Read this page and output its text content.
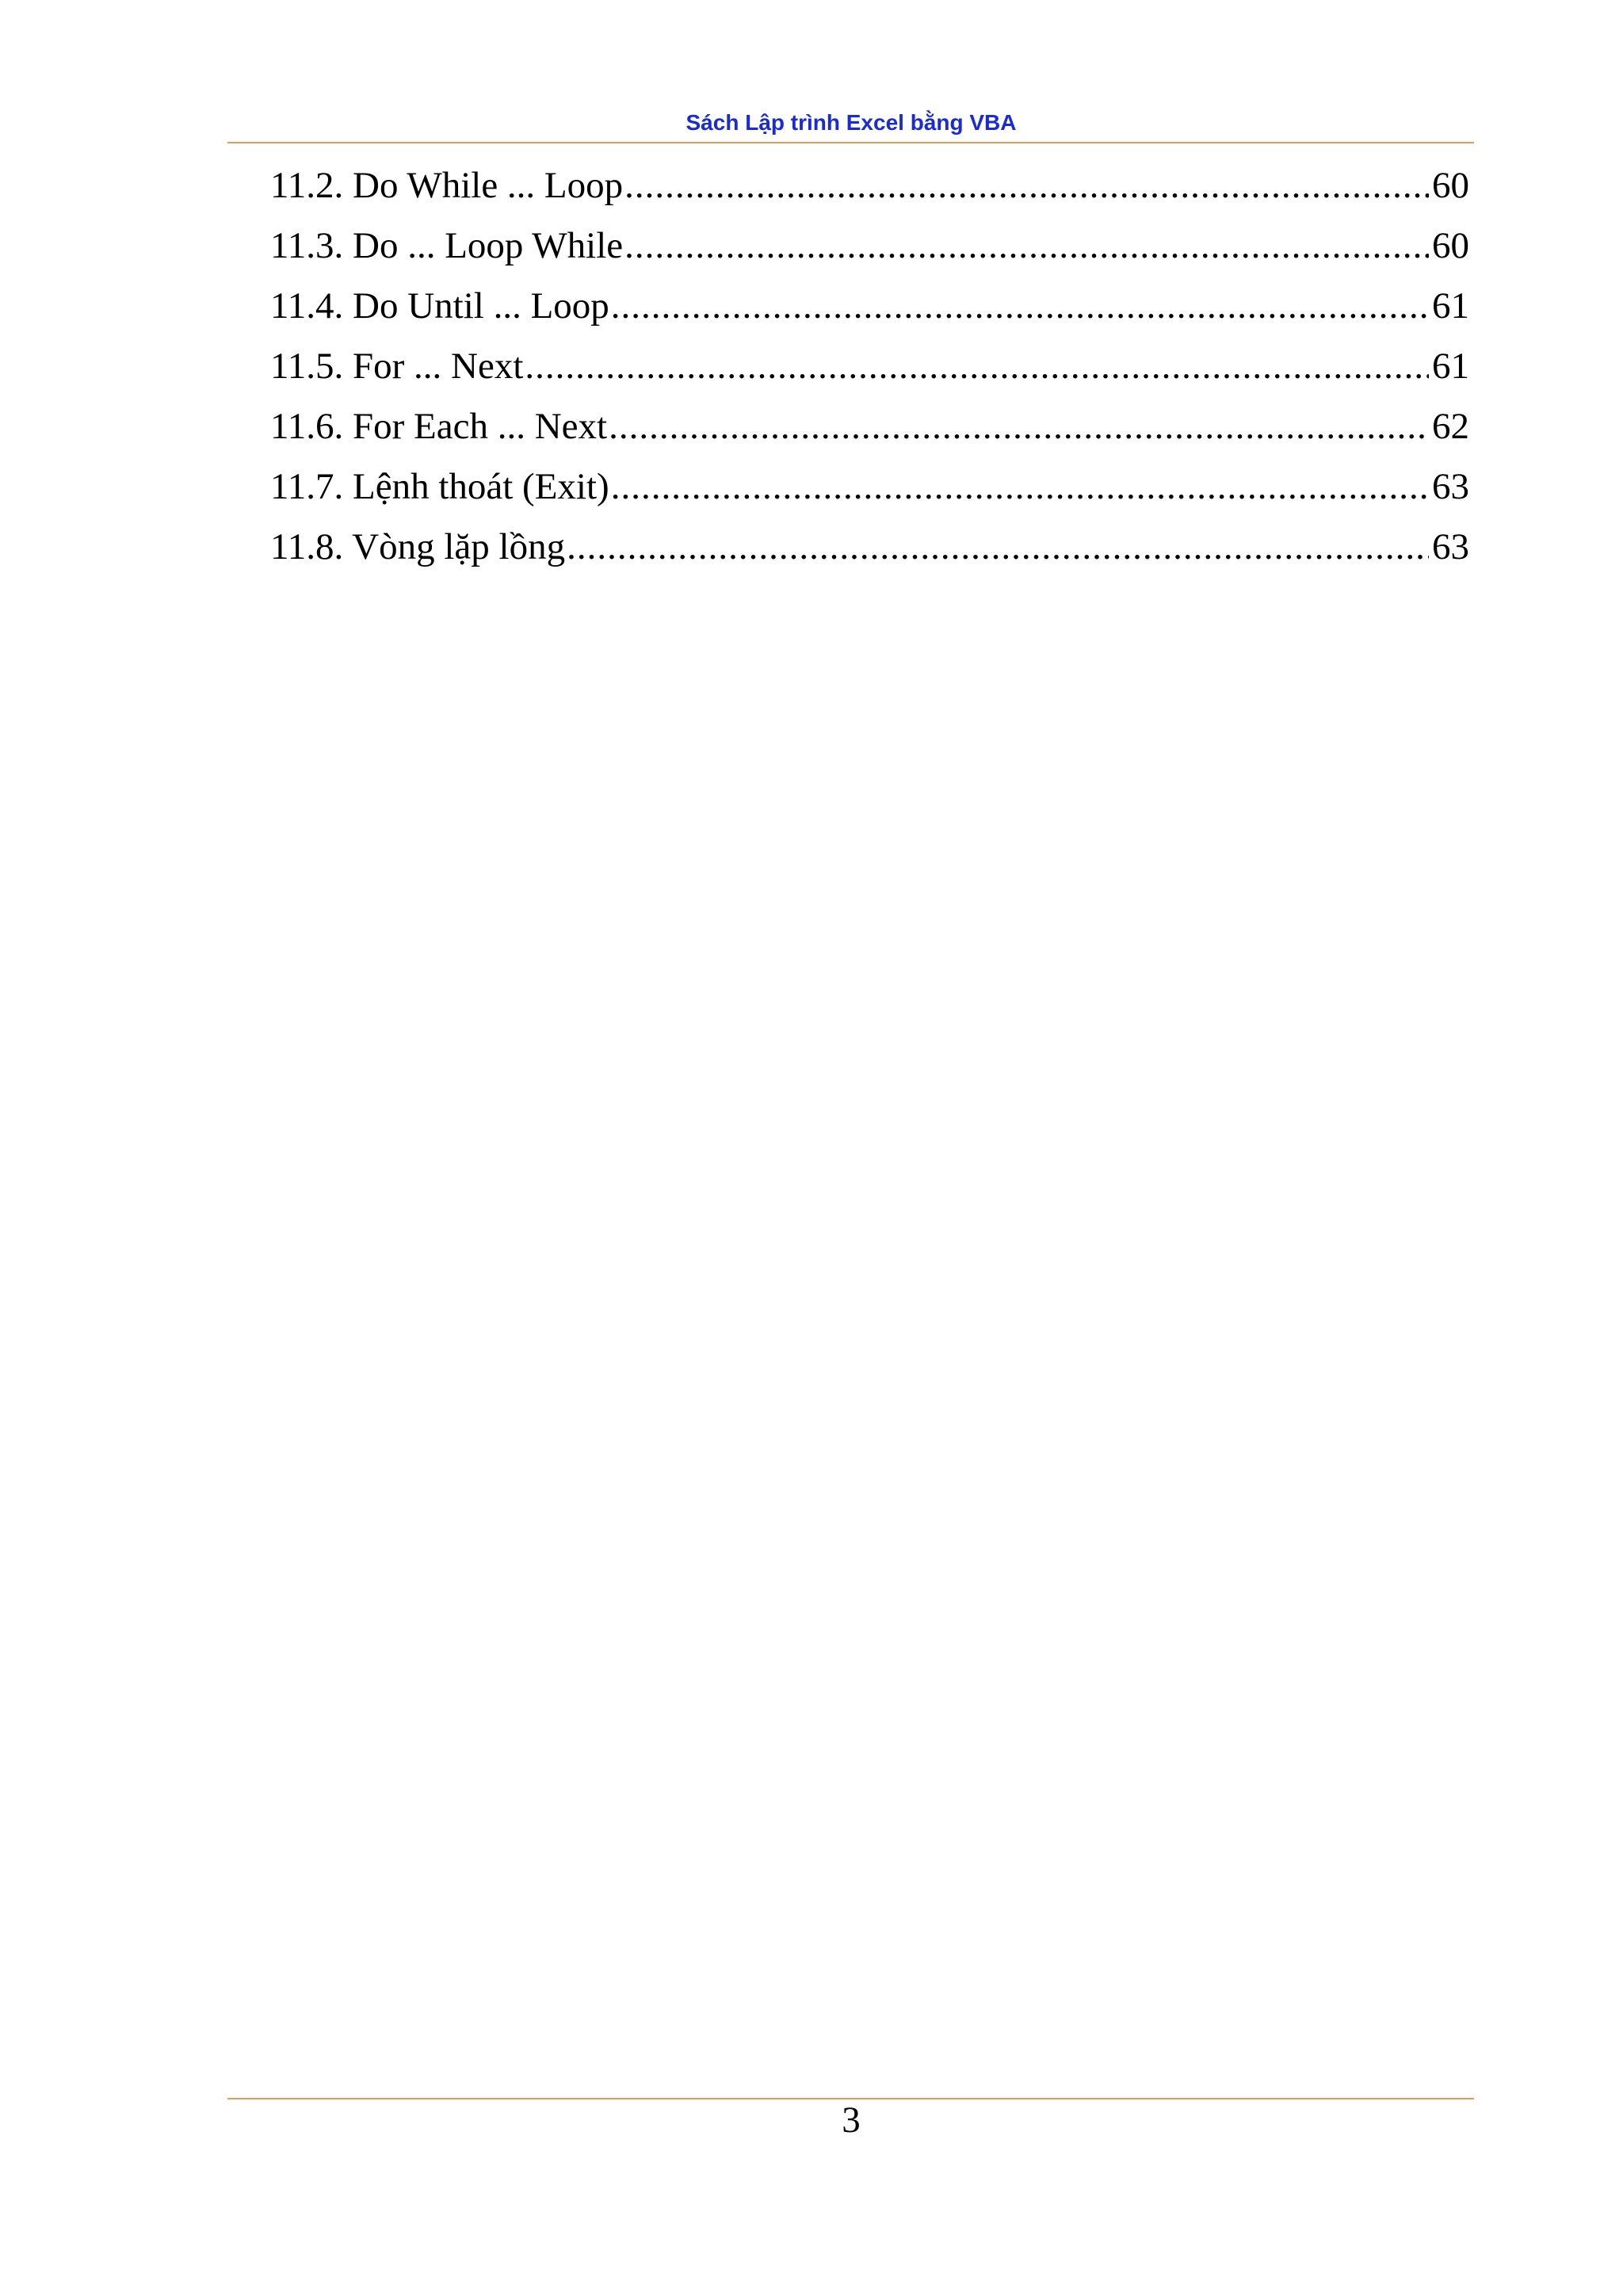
Sách Lập trình Excel bằng VBA
11.2. Do While ... Loop .....	60
11.3. Do ... Loop While .....	60
11.4. Do Until ... Loop .....	61
11.5. For ... Next .....	61
11.6. For Each ... Next .....	62
11.7. Lệnh thoát (Exit) .....	63
11.8. Vòng lặp lồng .....	63
3
